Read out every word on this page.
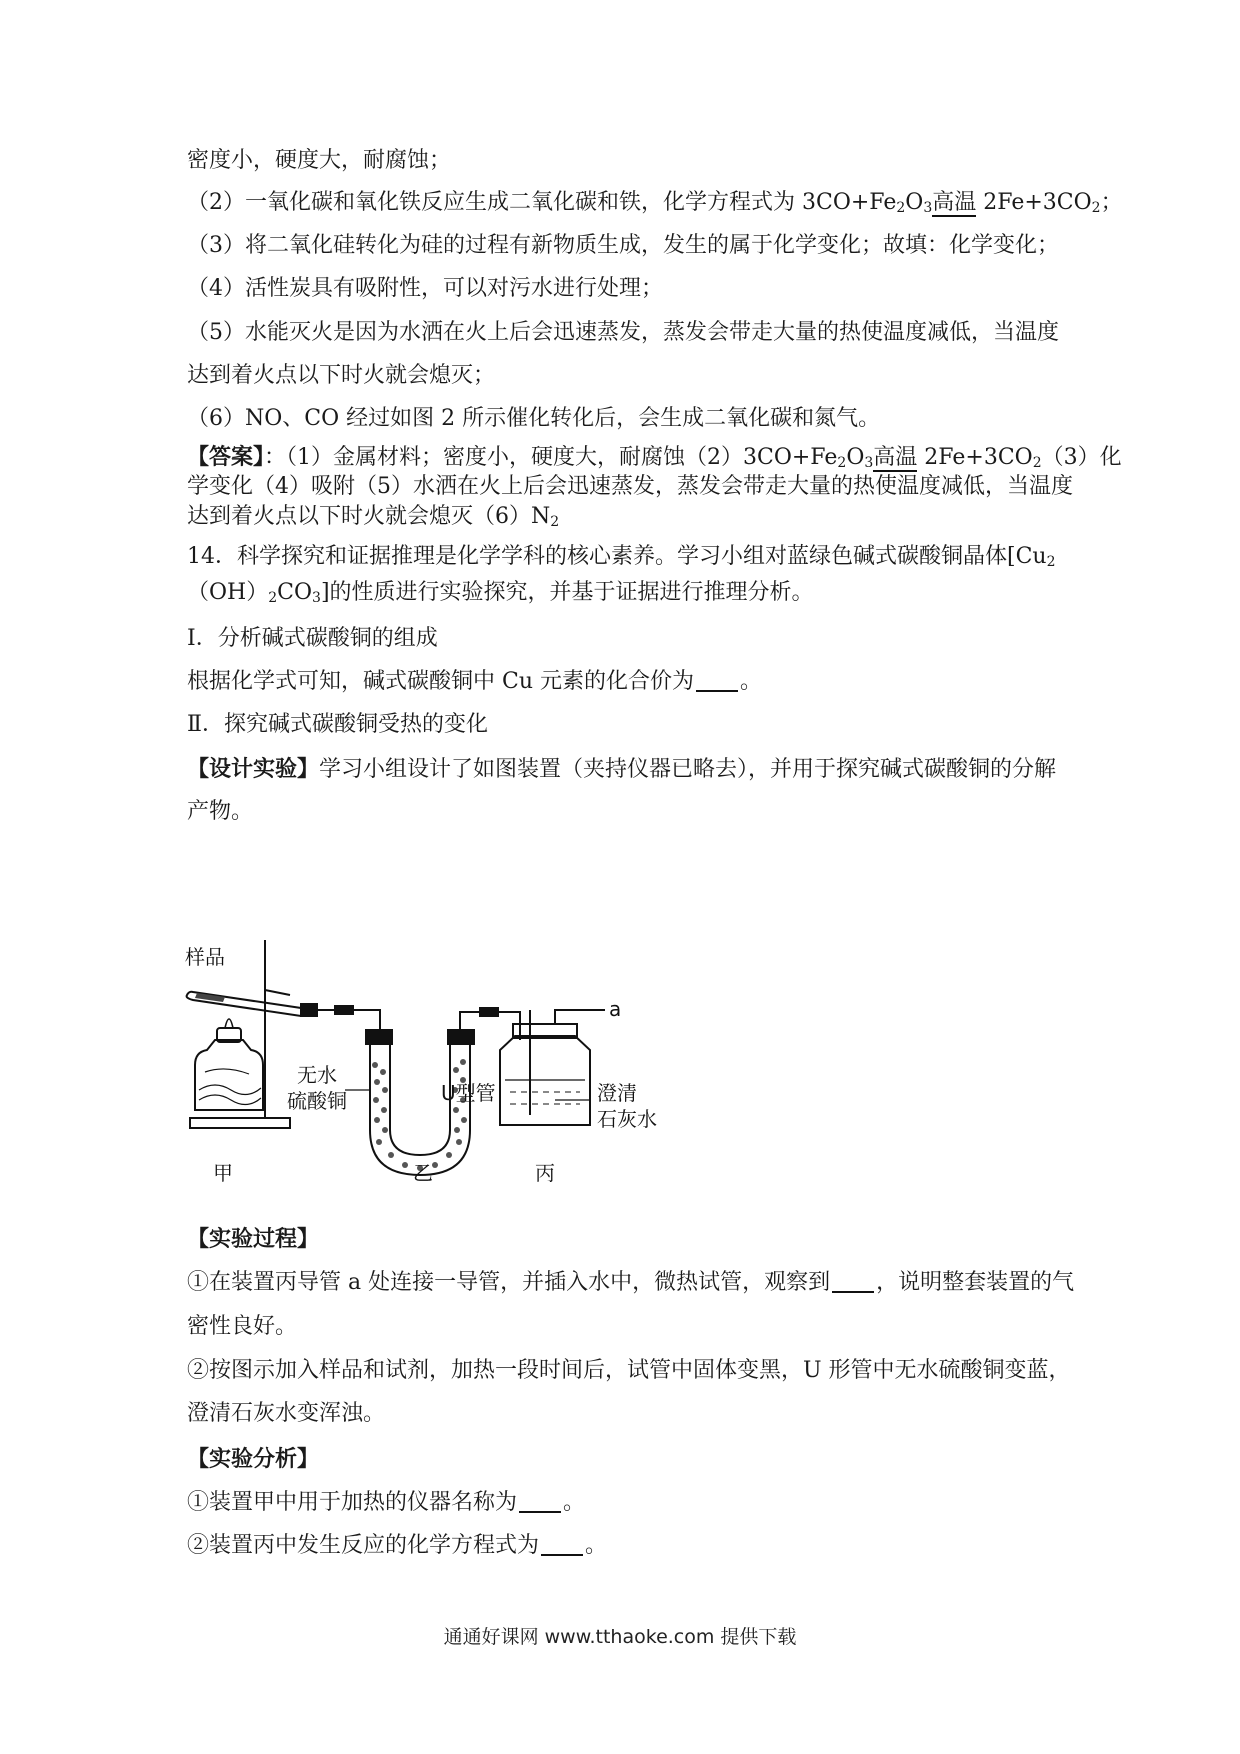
密度小，硬度大，耐腐蚀；

（2）一氧化碳和氧化铁反应生成二氧化碳和铁，化学方程式为 $3CO+Fe_2O_3$高温 $2Fe+3CO_2$；

（3）将二氧化硅转化为硅的过程有新物质生成，发生的属于化学变化；故填：化学变化；

（4）活性炭具有吸附性，可以对污水进行处理；

（5）水能灭火是因为水洒在火上后会迅速蒸发，蒸发会带走大量的热使温度减低，当温度

达到着火点以下时火就会熄灭；

（6）NO、CO 经过如图 2 所示催化转化后，会生成二氧化碳和氮气。

【答案】：（1）金属材料；密度小，硬度大，耐腐蚀$(2)3CO+Fe_2O_3$高温 $2Fe+3CO_2(3)$化

学变化（4）吸附（5）水洒在火上后会迅速蒸发，蒸发会带走大量的热使温度减低，当温度

达到着火点以下时火就会熄灭$(6)N_2$

14．科学探究和证据推理是化学学科的核心素养。学习小组对蓝绿色碱式碳酸铜晶体[$Cu_2$

$(OH)_2CO_3$]的性质进行实验探究，并基于证据进行推理分析。

I．分析碱式碳酸铜的组成

根据化学式可知，碱式碳酸铜中 Cu 元素的化合价为 。

Ⅱ．探究碱式碳酸铜受热的变化

【设计实验】学习小组设计了如图装置（夹持仪器已略去），并用于探究碱式碳酸铜的分解

产物。

样品
无水
硫酸铜	U型管	澄清
石灰水
a
甲	乙	丙

【实验过程】

①在装置丙导管 a 处连接一导管，并插入水中，微热试管，观察到 ，说明整套装置的气

密性良好。

②按图示加入样品和试剂，加热一段时间后，试管中固体变黑，U 形管中无水硫酸铜变蓝，

澄清石灰水变浑浊。

【实验分析】

①装置甲中用于加热的仪器名称为 。

②装置丙中发生反应的化学方程式为 。

通通好课网 www.tthaoke.com 提供下载
